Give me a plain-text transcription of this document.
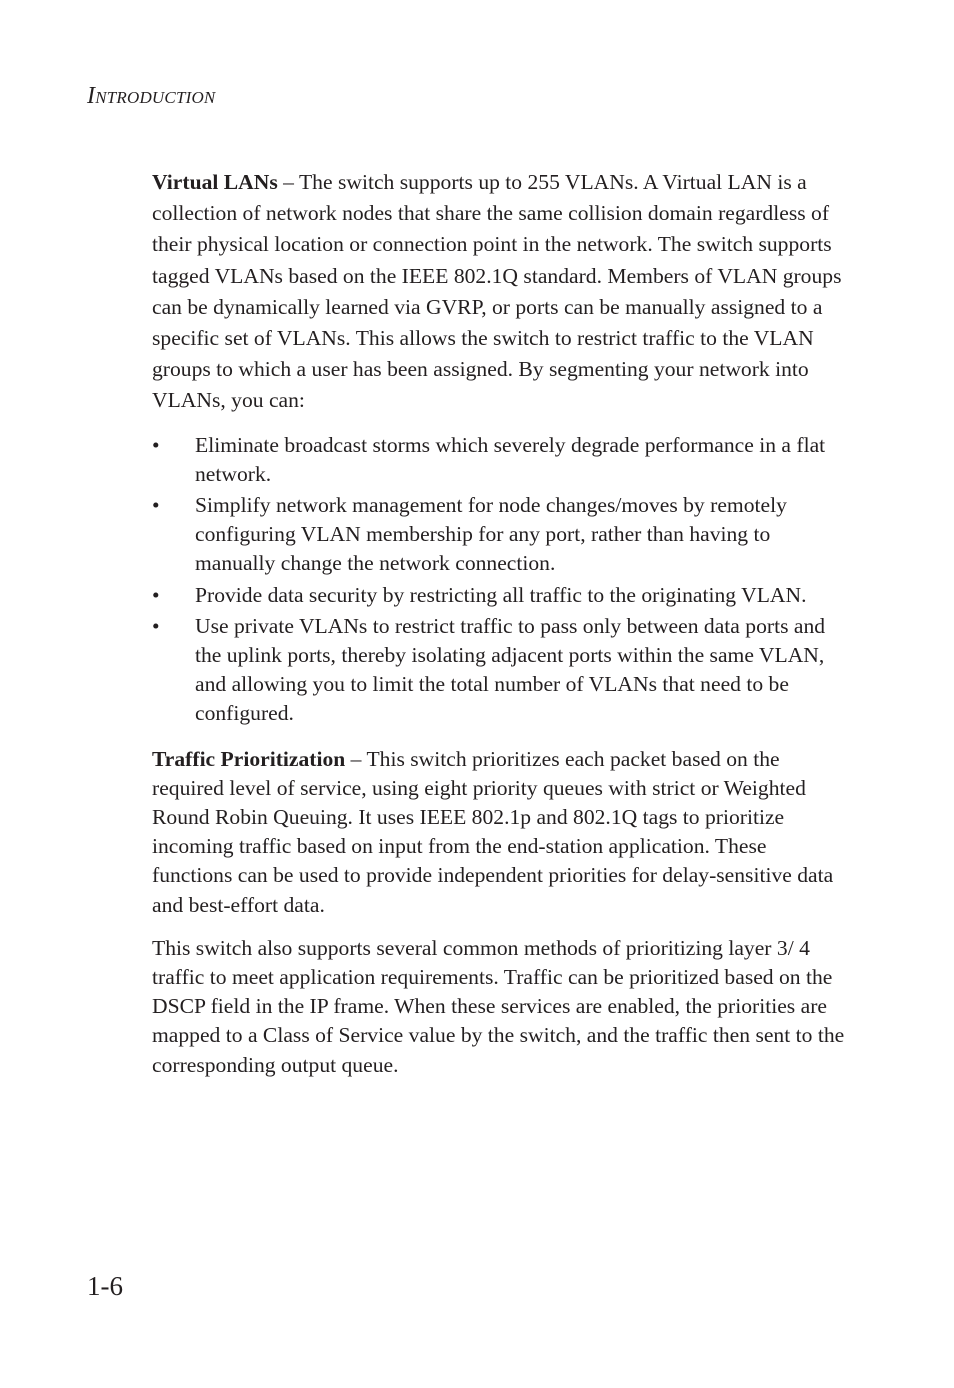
Introduction

Virtual LANs – The switch supports up to 255 VLANs. A Virtual LAN is a collection of network nodes that share the same collision domain regardless of their physical location or connection point in the network. The switch supports tagged VLANs based on the IEEE 802.1Q standard. Members of VLAN groups can be dynamically learned via GVRP, or ports can be manually assigned to a specific set of VLANs. This allows the switch to restrict traffic to the VLAN groups to which a user has been assigned. By segmenting your network into VLANs, you can:

• Eliminate broadcast storms which severely degrade performance in a flat network.
• Simplify network management for node changes/moves by remotely configuring VLAN membership for any port, rather than having to manually change the network connection.
• Provide data security by restricting all traffic to the originating VLAN.
• Use private VLANs to restrict traffic to pass only between data ports and the uplink ports, thereby isolating adjacent ports within the same VLAN, and allowing you to limit the total number of VLANs that need to be configured.

Traffic Prioritization – This switch prioritizes each packet based on the required level of service, using eight priority queues with strict or Weighted Round Robin Queuing. It uses IEEE 802.1p and 802.1Q tags to prioritize incoming traffic based on input from the end-station application. These functions can be used to provide independent priorities for delay-sensitive data and best-effort data.

This switch also supports several common methods of prioritizing layer 3/ 4 traffic to meet application requirements. Traffic can be prioritized based on the DSCP field in the IP frame. When these services are enabled, the priorities are mapped to a Class of Service value by the switch, and the traffic then sent to the corresponding output queue.

1-6
